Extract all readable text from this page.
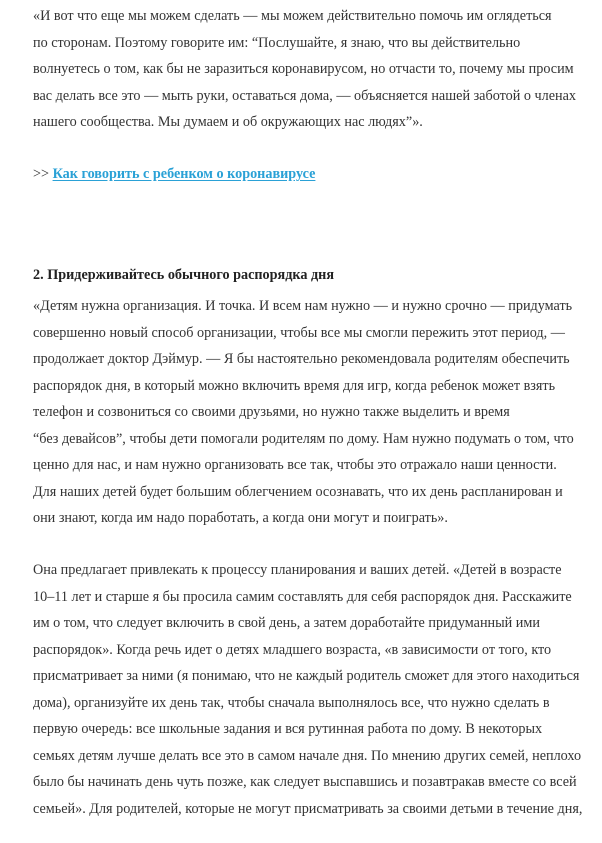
«И вот что еще мы можем сделать — мы можем действительно помочь им оглядеться
по сторонам. Поэтому говорите им: “Послушайте, я знаю, что вы действительно
волнуетесь о том, как бы не заразиться коронавирусом, но отчасти то, почему мы просим
вас делать все это — мыть руки, оставаться дома, — объясняется нашей заботой о членах
нашего сообщества. Мы думаем и об окружающих нас людях”».
>> Как говорить с ребенком о коронавирусе
2. Придерживайтесь обычного распорядка дня
«Детям нужна организация. И точка. И всем нам нужно — и нужно срочно — придумать
совершенно новый способ организации, чтобы все мы смогли пережить этот период, —
продолжает доктор Дэймур. — Я бы настоятельно рекомендовала родителям обеспечить
распорядок дня, в который можно включить время для игр, когда ребенок может взять
телефон и созвониться со своими друзьями, но нужно также выделить и время
“без девайсов”, чтобы дети помогали родителям по дому. Нам нужно подумать о том, что
ценно для нас, и нам нужно организовать все так, чтобы это отражало наши ценности.
Для наших детей будет большим облегчением осознавать, что их день распланирован и
они знают, когда им надо поработать, а когда они могут и поиграть».
Она предлагает привлекать к процессу планирования и ваших детей. «Детей в возрасте
10–11 лет и старше я бы просила самим составлять для себя распорядок дня. Расскажите
им о том, что следует включить в свой день, а затем доработайте придуманный ими
распорядок». Когда речь идет о детях младшего возраста, «в зависимости от того, кто
присматривает за ними (я понимаю, что не каждый родитель сможет для этого находиться
дома), организуйте их день так, чтобы сначала выполнялось все, что нужно сделать в
первую очередь: все школьные задания и вся рутинная работа по дому. В некоторых
семьях детям лучше делать все это в самом начале дня. По мнению других семей, неплохо
было бы начинать день чуть позже, как следует выспавшись и позавтракав вместе со всей
семьей». Для родителей, которые не могут присматривать за своими детьми в течение дня,
